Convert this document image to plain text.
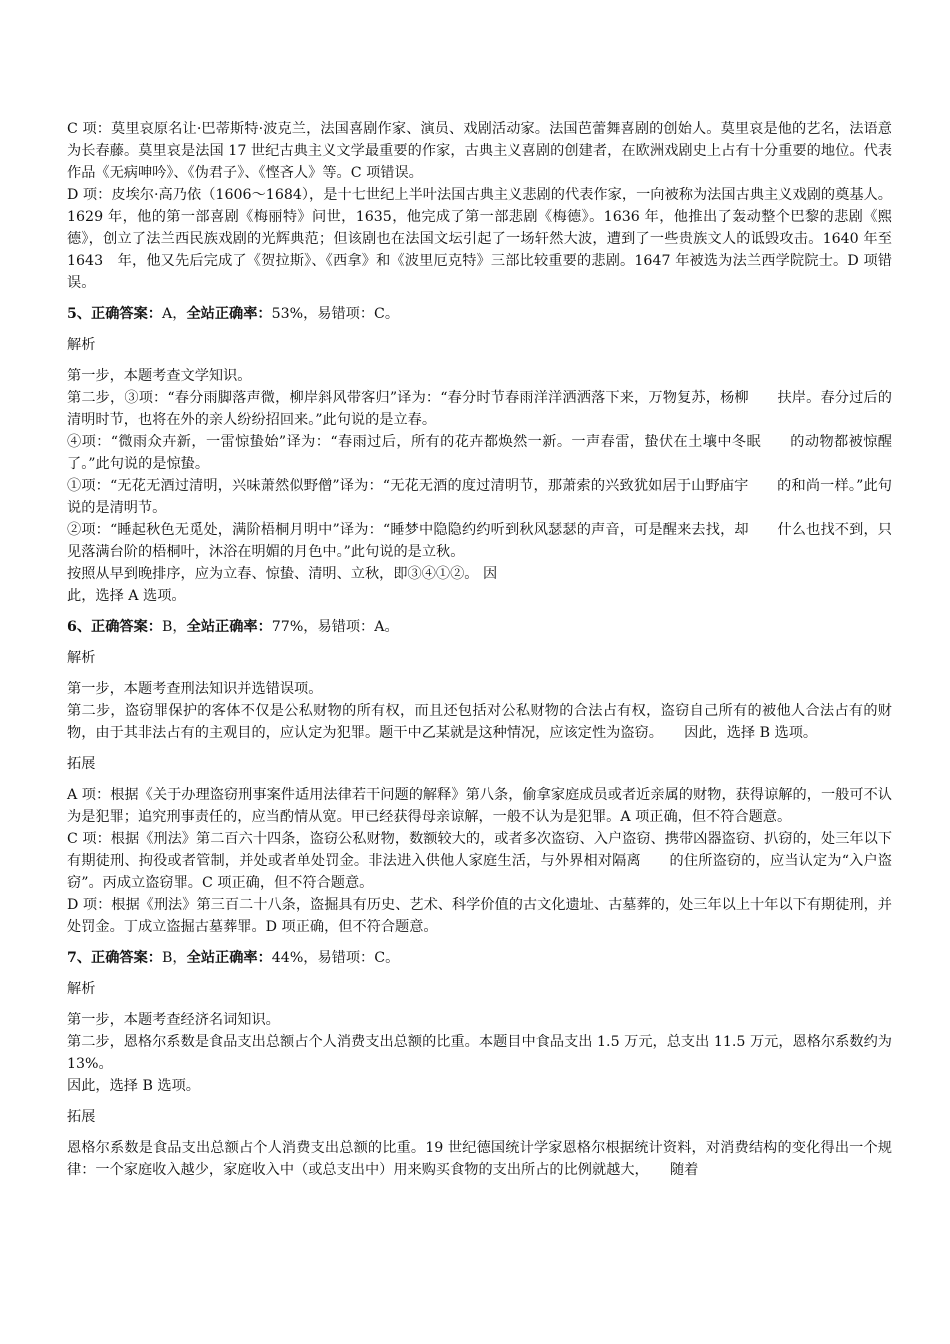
C 项：莫里哀原名让·巴蒂斯特·波克兰，法国喜剧作家、演员、戏剧活动家。法国芭蕾舞喜剧的创始人。莫里哀是他的艺名，法语意为长春藤。莫里哀是法国 17 世纪古典主义文学最重要的作家，古典主义喜剧的创建者，在欧洲戏剧史上占有十分重要的地位。代表作品《无病呻吟》、《伪君子》、《悭吝人》等。C 项错误。

D 项：皮埃尔·高乃依（1606～1684），是十七世纪上半叶法国古典主义悲剧的代表作家，一向被称为法国古典主义戏剧的奠基人。1629 年，他的第一部喜剧《梅丽特》问世，1635，他完成了第一部悲剧《梅德》。1636 年，他推出了轰动整个巴黎的悲剧《熙德》，创立了法兰西民族戏剧的光辉典范；但该剧也在法国文坛引起了一场轩然大波，遭到了一些贵族文人的诋毁攻击。1640 年至 1643　年，他又先后完成了《贺拉斯》、《西拿》和《波里厄克特》三部比较重要的悲剧。1647 年被选为法兰西学院院士。D 项错误。

5、正确答案：A，全站正确率：53%，易错项：C。

解析

第一步，本题考查文学知识。

第二步，③项：“春分雨脚落声微，柳岸斜风带客归”译为：“春分时节春雨洋洋洒洒落下来，万物复苏，杨柳　　扶岸。春分过后的清明时节，也将在外的亲人纷纷招回来。”此句说的是立春。

④项：“微雨众卉新，一雷惊蛰始”译为：“春雨过后，所有的花卉都焕然一新。一声春雷，蛰伏在土壤中冬眠　　的动物都被惊醒了。”此句说的是惊蛰。

①项：“无花无酒过清明，兴味萧然似野僧”译为：“无花无酒的度过清明节，那萧索的兴致犹如居于山野庙宇　　的和尚一样。”此句说的是清明节。

②项：“睡起秋色无觅处，满阶梧桐月明中”译为：“睡梦中隐隐约约听到秋风瑟瑟的声音，可是醒来去找，却　　什么也找不到，只见落满台阶的梧桐叶，沐浴在明媚的月色中。”此句说的是立秋。

按照从早到晚排序，应为立春、惊蛰、清明、立秋，即③④①②。 因

此，选择 A 选项。

6、正确答案：B，全站正确率：77%，易错项：A。

解析

第一步，本题考查刑法知识并选错误项。

第二步，盗窃罪保护的客体不仅是公私财物的所有权，而且还包括对公私财物的合法占有权，盗窃自己所有的被他人合法占有的财物，由于其非法占有的主观目的，应认定为犯罪。题干中乙某就是这种情况，应该定性为盗窃。　　因此，选择 B 选项。

拓展

A 项：根据《关于办理盗窃刑事案件适用法律若干问题的解释》第八条，偷拿家庭成员或者近亲属的财物，获得谅解的，一般可不认为是犯罪；追究刑事责任的，应当酌情从宽。甲已经获得母亲谅解，一般不认为是犯罪。A 项正确，但不符合题意。

C 项：根据《刑法》第二百六十四条，盗窃公私财物，数额较大的，或者多次盗窃、入户盗窃、携带凶器盗窃、扒窃的，处三年以下有期徒刑、拘役或者管制，并处或者单处罚金。非法进入供他人家庭生活，与外界相对隔离　　的住所盗窃的，应当认定为“入户盗窃”。丙成立盗窃罪。C 项正确，但不符合题意。

D 项：根据《刑法》第三百二十八条，盗掘具有历史、艺术、科学价值的古文化遗址、古墓葬的，处三年以上十年以下有期徒刑，并处罚金。丁成立盗掘古墓葬罪。D 项正确，但不符合题意。

7、正确答案：B，全站正确率：44%，易错项：C。

解析

第一步，本题考查经济名词知识。

第二步，恩格尔系数是食品支出总额占个人消费支出总额的比重。本题目中食品支出 1.5 万元，总支出 11.5 万元，恩格尔系数约为 13%。

因此，选择 B 选项。

拓展

恩格尔系数是食品支出总额占个人消费支出总额的比重。19 世纪德国统计学家恩格尔根据统计资料，对消费结构的变化得出一个规律：一个家庭收入越少，家庭收入中（或总支出中）用来购买食物的支出所占的比例就越大，　　随着
